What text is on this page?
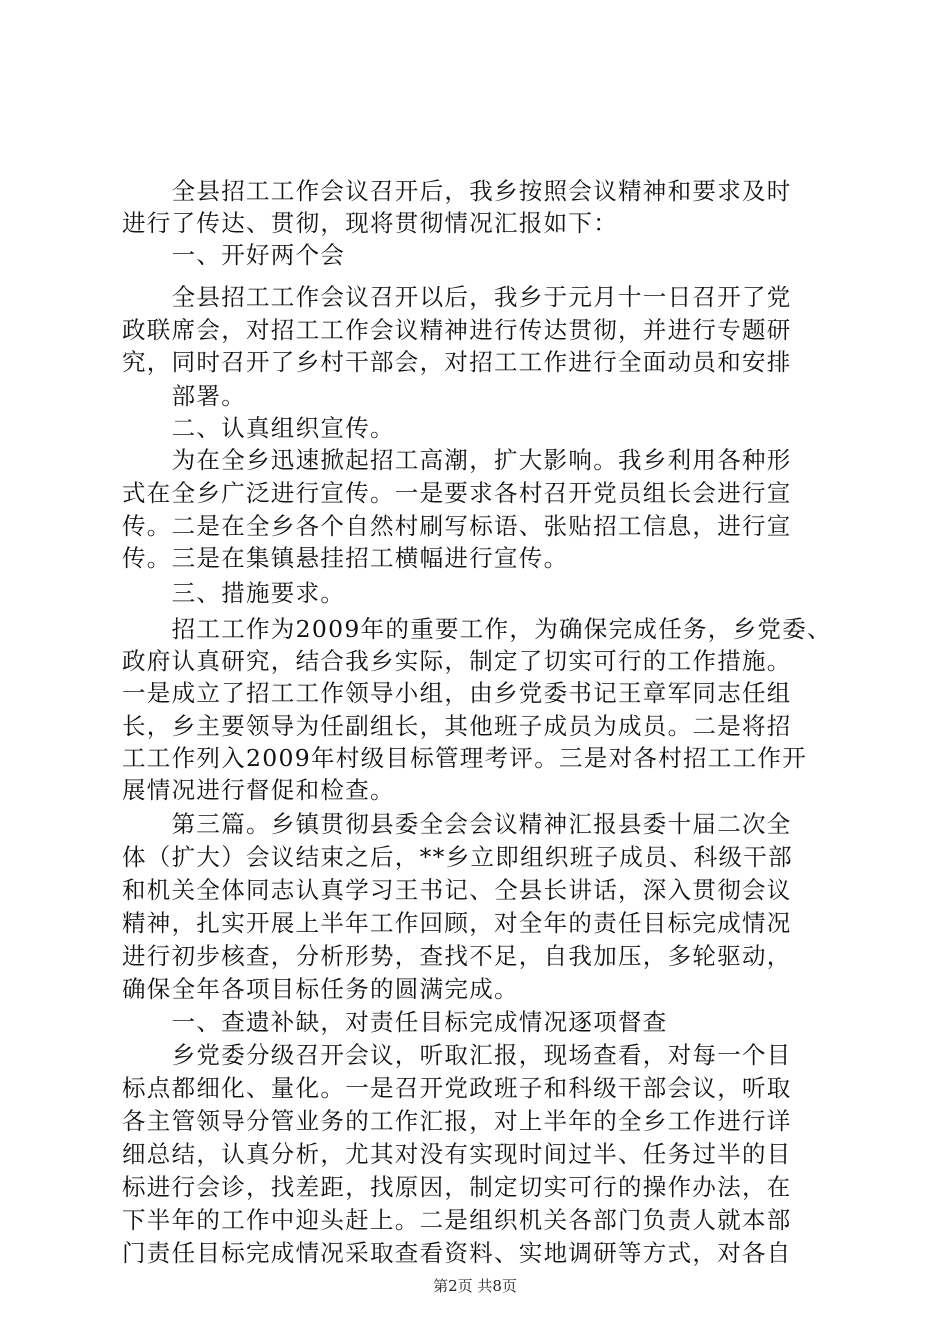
　　全县招工工作会议召开后，我乡按照会议精神和要求及时
进行了传达、贯彻，现将贯彻情况汇报如下：
　　一、开好两个会
　　全县招工工作会议召开以后，我乡于元月十一日召开了党
政联席会，对招工工作会议精神进行传达贯彻，并进行专题研
究，同时召开了乡村干部会，对招工工作进行全面动员和安排
　　部署。
　　二、认真组织宣传。
　　为在全乡迅速掀起招工高潮，扩大影响。我乡利用各种形
式在全乡广泛进行宣传。一是要求各村召开党员组长会进行宣
传。二是在全乡各个自然村刷写标语、张贴招工信息，进行宣
传。三是在集镇悬挂招工横幅进行宣传。
　　三、措施要求。
　　招工工作为2009年的重要工作，为确保完成任务，乡党委、
政府认真研究，结合我乡实际，制定了切实可行的工作措施。
一是成立了招工工作领导小组，由乡党委书记王章军同志任组
长，乡主要领导为任副组长，其他班子成员为成员。二是将招
工工作列入2009年村级目标管理考评。三是对各村招工工作开
展情况进行督促和检查。
　　第三篇。乡镇贯彻县委全会会议精神汇报县委十届二次全
体（扩大）会议结束之后，**乡立即组织班子成员、科级干部
和机关全体同志认真学习王书记、仝县长讲话，深入贯彻会议
精神，扎实开展上半年工作回顾，对全年的责任目标完成情况
进行初步核查，分析形势，查找不足，自我加压，多轮驱动，
确保全年各项目标任务的圆满完成。
　　一、查遗补缺，对责任目标完成情况逐项督查
　　乡党委分级召开会议，听取汇报，现场查看，对每一个目
标点都细化、量化。一是召开党政班子和科级干部会议，听取
各主管领导分管业务的工作汇报，对上半年的全乡工作进行详
细总结，认真分析，尤其对没有实现时间过半、任务过半的目
标进行会诊，找差距，找原因，制定切实可行的操作办法，在
下半年的工作中迎头赶上。二是组织机关各部门负责人就本部
门责任目标完成情况采取查看资料、实地调研等方式，对各自
第2页 共8页
